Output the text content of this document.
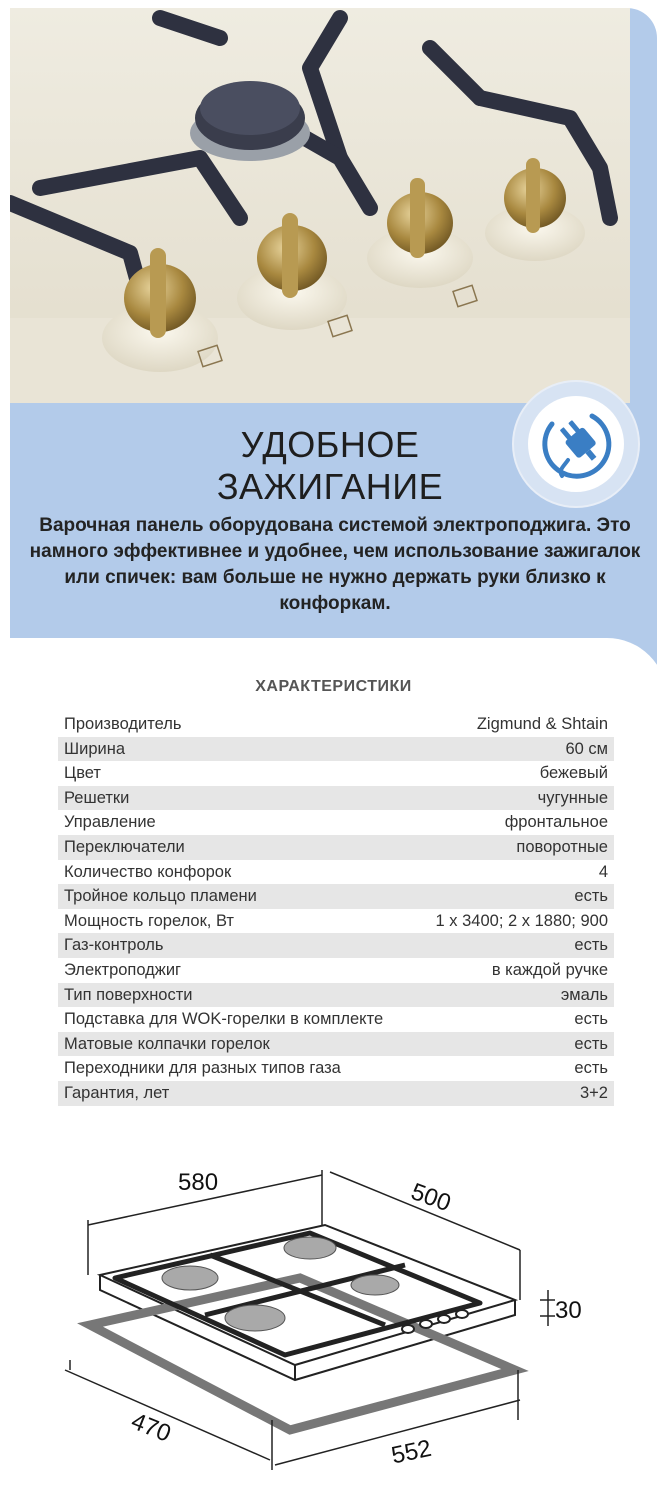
УДОБНОЕ
ЗАЖИГАНИЕ
Варочная панель оборудована системой электроподжига. Это намного эффективнее и удобнее, чем использование зажигалок или спичек: вам больше не нужно держать руки близко к конфоркам.
ХАРАКТЕРИСТИКИ
Производитель	Zigmund & Shtain
Ширина	60 см
Цвет	бежевый
Решетки	чугунные
Управление	фронтальное
Переключатели	поворотные
Количество конфорок	4
Тройное кольцо пламени	есть
Мощность горелок, Вт	1 x 3400; 2 x 1880; 900
Газ-контроль	есть
Электроподжиг	в каждой ручке
Тип поверхности	эмаль
Подставка для WOK-горелки в комплекте	есть
Матовые колпачки горелок	есть
Переходники для разных типов газа	есть
Гарантия, лет	3+2
580	500
30
470
552
